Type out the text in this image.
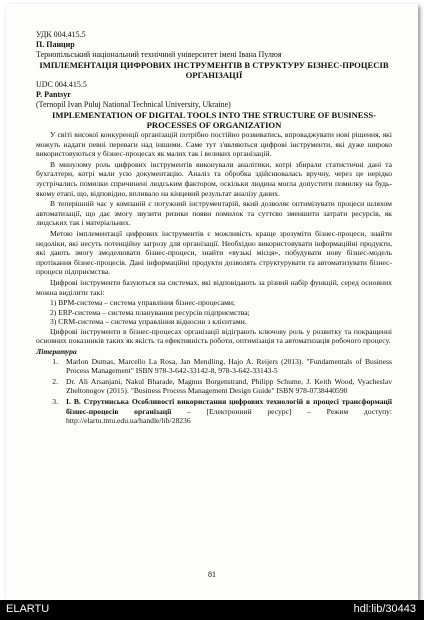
УДК 004.415.5

П. Панцир

Тернопільський національний технічний університет імені Івана Пулюя

ІМПЛЕМЕНТАЦІЯ ЦИФРОВИХ ІНСТРУМЕНТІВ В СТРУКТУРУ БІЗНЕС-ПРОЦЕСІВ ОРГАНІЗАЦІЇ

UDC 004.415.5

P. Pantsyr

(Ternopil Ivan Puluj National Technical University, Ukraine)

IMPLEMENTATION OF DIGITAL TOOLS INTO THE STRUCTURE OF BUSINESS-PROCESSES OF ORGANIZATION

У світі високої конкуренції організацій потрібно постійно розвиватись, впроваджувати нові рішення, які можуть надати певні переваги над іншими. Саме тут з'являються цифрові інструменти, які дуже широко використовуються у бізнес-процесах як малих так і великих організацій.

В минулому роль цифрових інструментів виконували аналітики, котрі збирали статистичні дані та бухгалтери, котрі мали усю документацію. Аналіз та обробка здійснювалась вручну, через це нерідко зустрічались помилки спричинені людським фактором, оскільки людина могла допустити помилку на будь-якому етапі, що, відповідно, впливало на кінцевий результат аналізу даних.

В теперішній час у компаній є потужний інструментарій, який дозволяє оптимізувати процеси шляхом автоматизації, що дає змогу звузити ризики появи помилок та суттєво зменшити затрати ресурсів, як людських так і матеріальних.

Метою імплементації цифрових інструментів є можливість краще зрозуміти бізнес-процеси, знайти недоліки, які несуть потенційну загрозу для організації. Необхідно використовувати інформаційні продукти, які дають змогу змоделювати бізнес-процеси, знайти «вузькі місця», побудувати нову бізнес-модель протікання бізнес-процесів. Дані інформаційні продукти дозволять структурувати та автоматизувати бізнес-процеси підприємства.

Цифрові інструменти базуються на системах, які відповідають за різний набір функцій, серед основних можна виділити такі:

1) BPM-система – система управління бізнес-процесами;
2) ERP-система – система планування ресурсів підприємства;
3) CRM-система – система управління відносин з клієнтами.

Цифрові інструменти в бізнес-процесах організації відіграють ключову роль у розвитку та покращенні основних показників таких як якість та ефективність роботи, оптимізація та автоматизація робочого процесу.

Література

1.	Marlon Dumas, Marcello La Rosa, Jan Mendling, Hajo A. Reijers (2013). "Fundamentals of Business Process Management" ISBN 978-3-642-33142-8, 978-3-642-33143-5
2.	Dr. Ali Arsanjani, Nakul Bharade, Magnus Borgenstrand, Philipp Schume, J. Keith Wood, Vyacheslav Zheltonogov (2015). "Business Process Management Design Guide" ISBN 978-0738440590
3.	І. В. Струтинська Особливості використання цифрових технологій в процесі трансформації бізнес-процесів організації – [Електронний ресурс] – Режим доступу: http://elartu.tntu.edu.ua/handle/lib/28236
81
ELARTU	hdl:lib/30443
